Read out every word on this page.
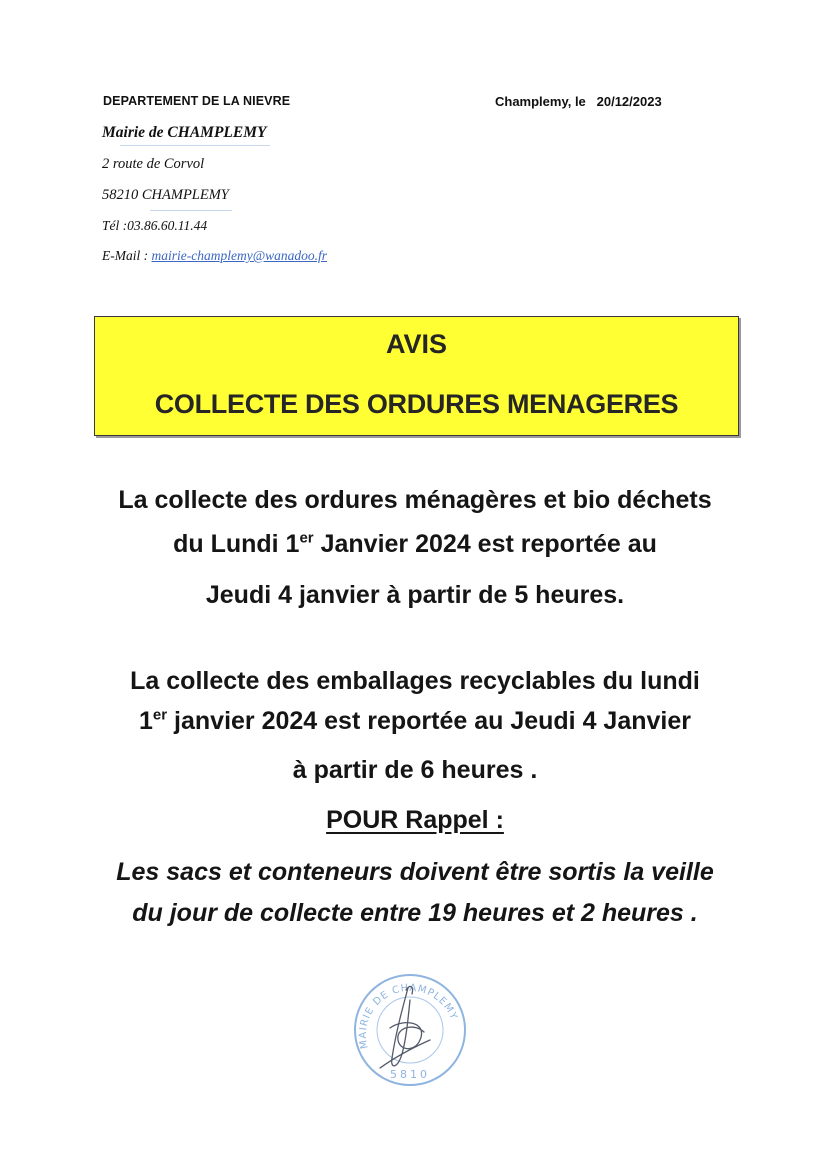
DEPARTEMENT DE LA NIEVRE
Mairie de CHAMPLEMY
2 route de Corvol
58210 CHAMPLEMY
Tél :03.86.60.11.44
E-Mail : mairie-champlemy@wanadoo.fr
Champlemy, le   20/12/2023
AVIS
COLLECTE DES ORDURES MENAGERES
La collecte des ordures ménagères et bio déchets
du Lundi 1er Janvier 2024 est reportée au
Jeudi 4 janvier à partir de 5 heures.
La collecte des emballages recyclables du lundi
1er janvier 2024 est reportée au Jeudi 4 Janvier
à partir de 6 heures .
POUR Rappel :
Les sacs et conteneurs doivent être sortis la veille
du jour de collecte entre 19 heures et 2 heures .
MAIRIE DE CHAMPLEMY
5810
